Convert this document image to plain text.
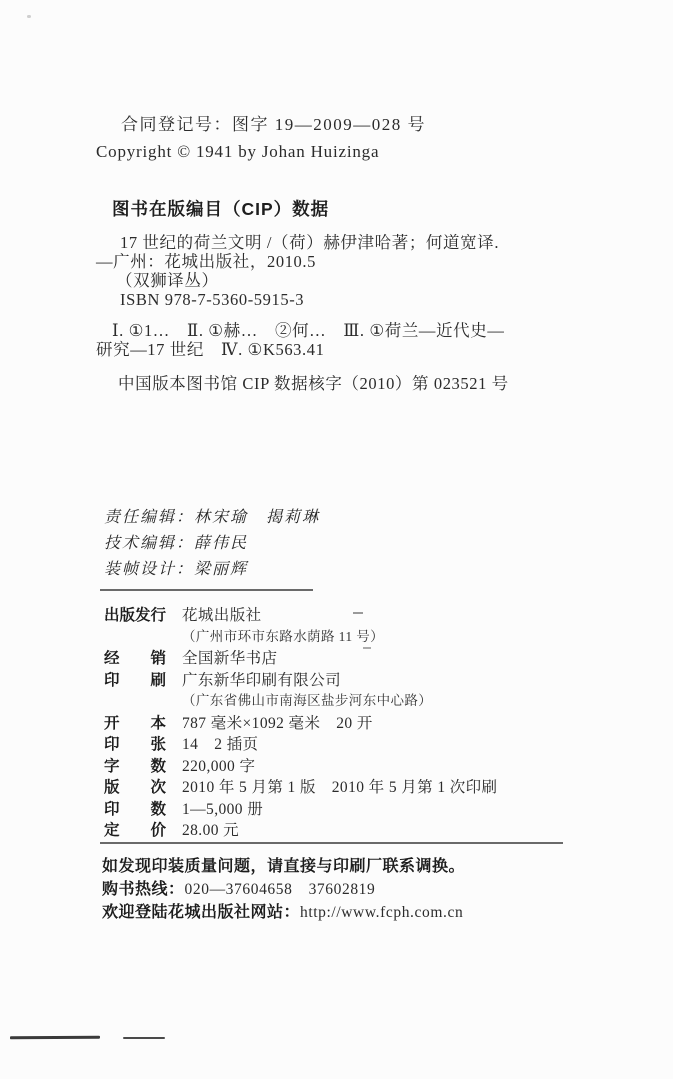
合同登记号：图字 19—2009—028 号
Copyright © 1941 by Johan Huizinga
图书在版编目（CIP）数据
17 世纪的荷兰文明 /（荷）赫伊津哈著；何道宽译.
—广州：花城出版社，2010.5
（双狮译丛）
ISBN 978-7-5360-5915-3
Ⅰ. ①1…　Ⅱ. ①赫…　②何…　Ⅲ. ①荷兰—近代史—
研究—17 世纪　Ⅳ. ①K563.41
中国版本图书馆 CIP 数据核字（2010）第 023521 号
责任编辑：林宋瑜　揭莉琳
技术编辑：薛伟民
装帧设计：梁丽辉
出版发行	花城出版社
（广州市环市东路水荫路 11 号）
经　　销	全国新华书店
印　　刷	广东新华印刷有限公司
（广东省佛山市南海区盐步河东中心路）
开　　本	787 毫米×1092 毫米　20 开
印　　张	14　2 插页
字　　数	220,000 字
版　　次	2010 年 5 月第 1 版　2010 年 5 月第 1 次印刷
印　　数	1—5,000 册
定　　价	28.00 元
如发现印装质量问题，请直接与印刷厂联系调换。
购书热线：020—37604658　37602819
欢迎登陆花城出版社网站：http://www.fcph.com.cn
